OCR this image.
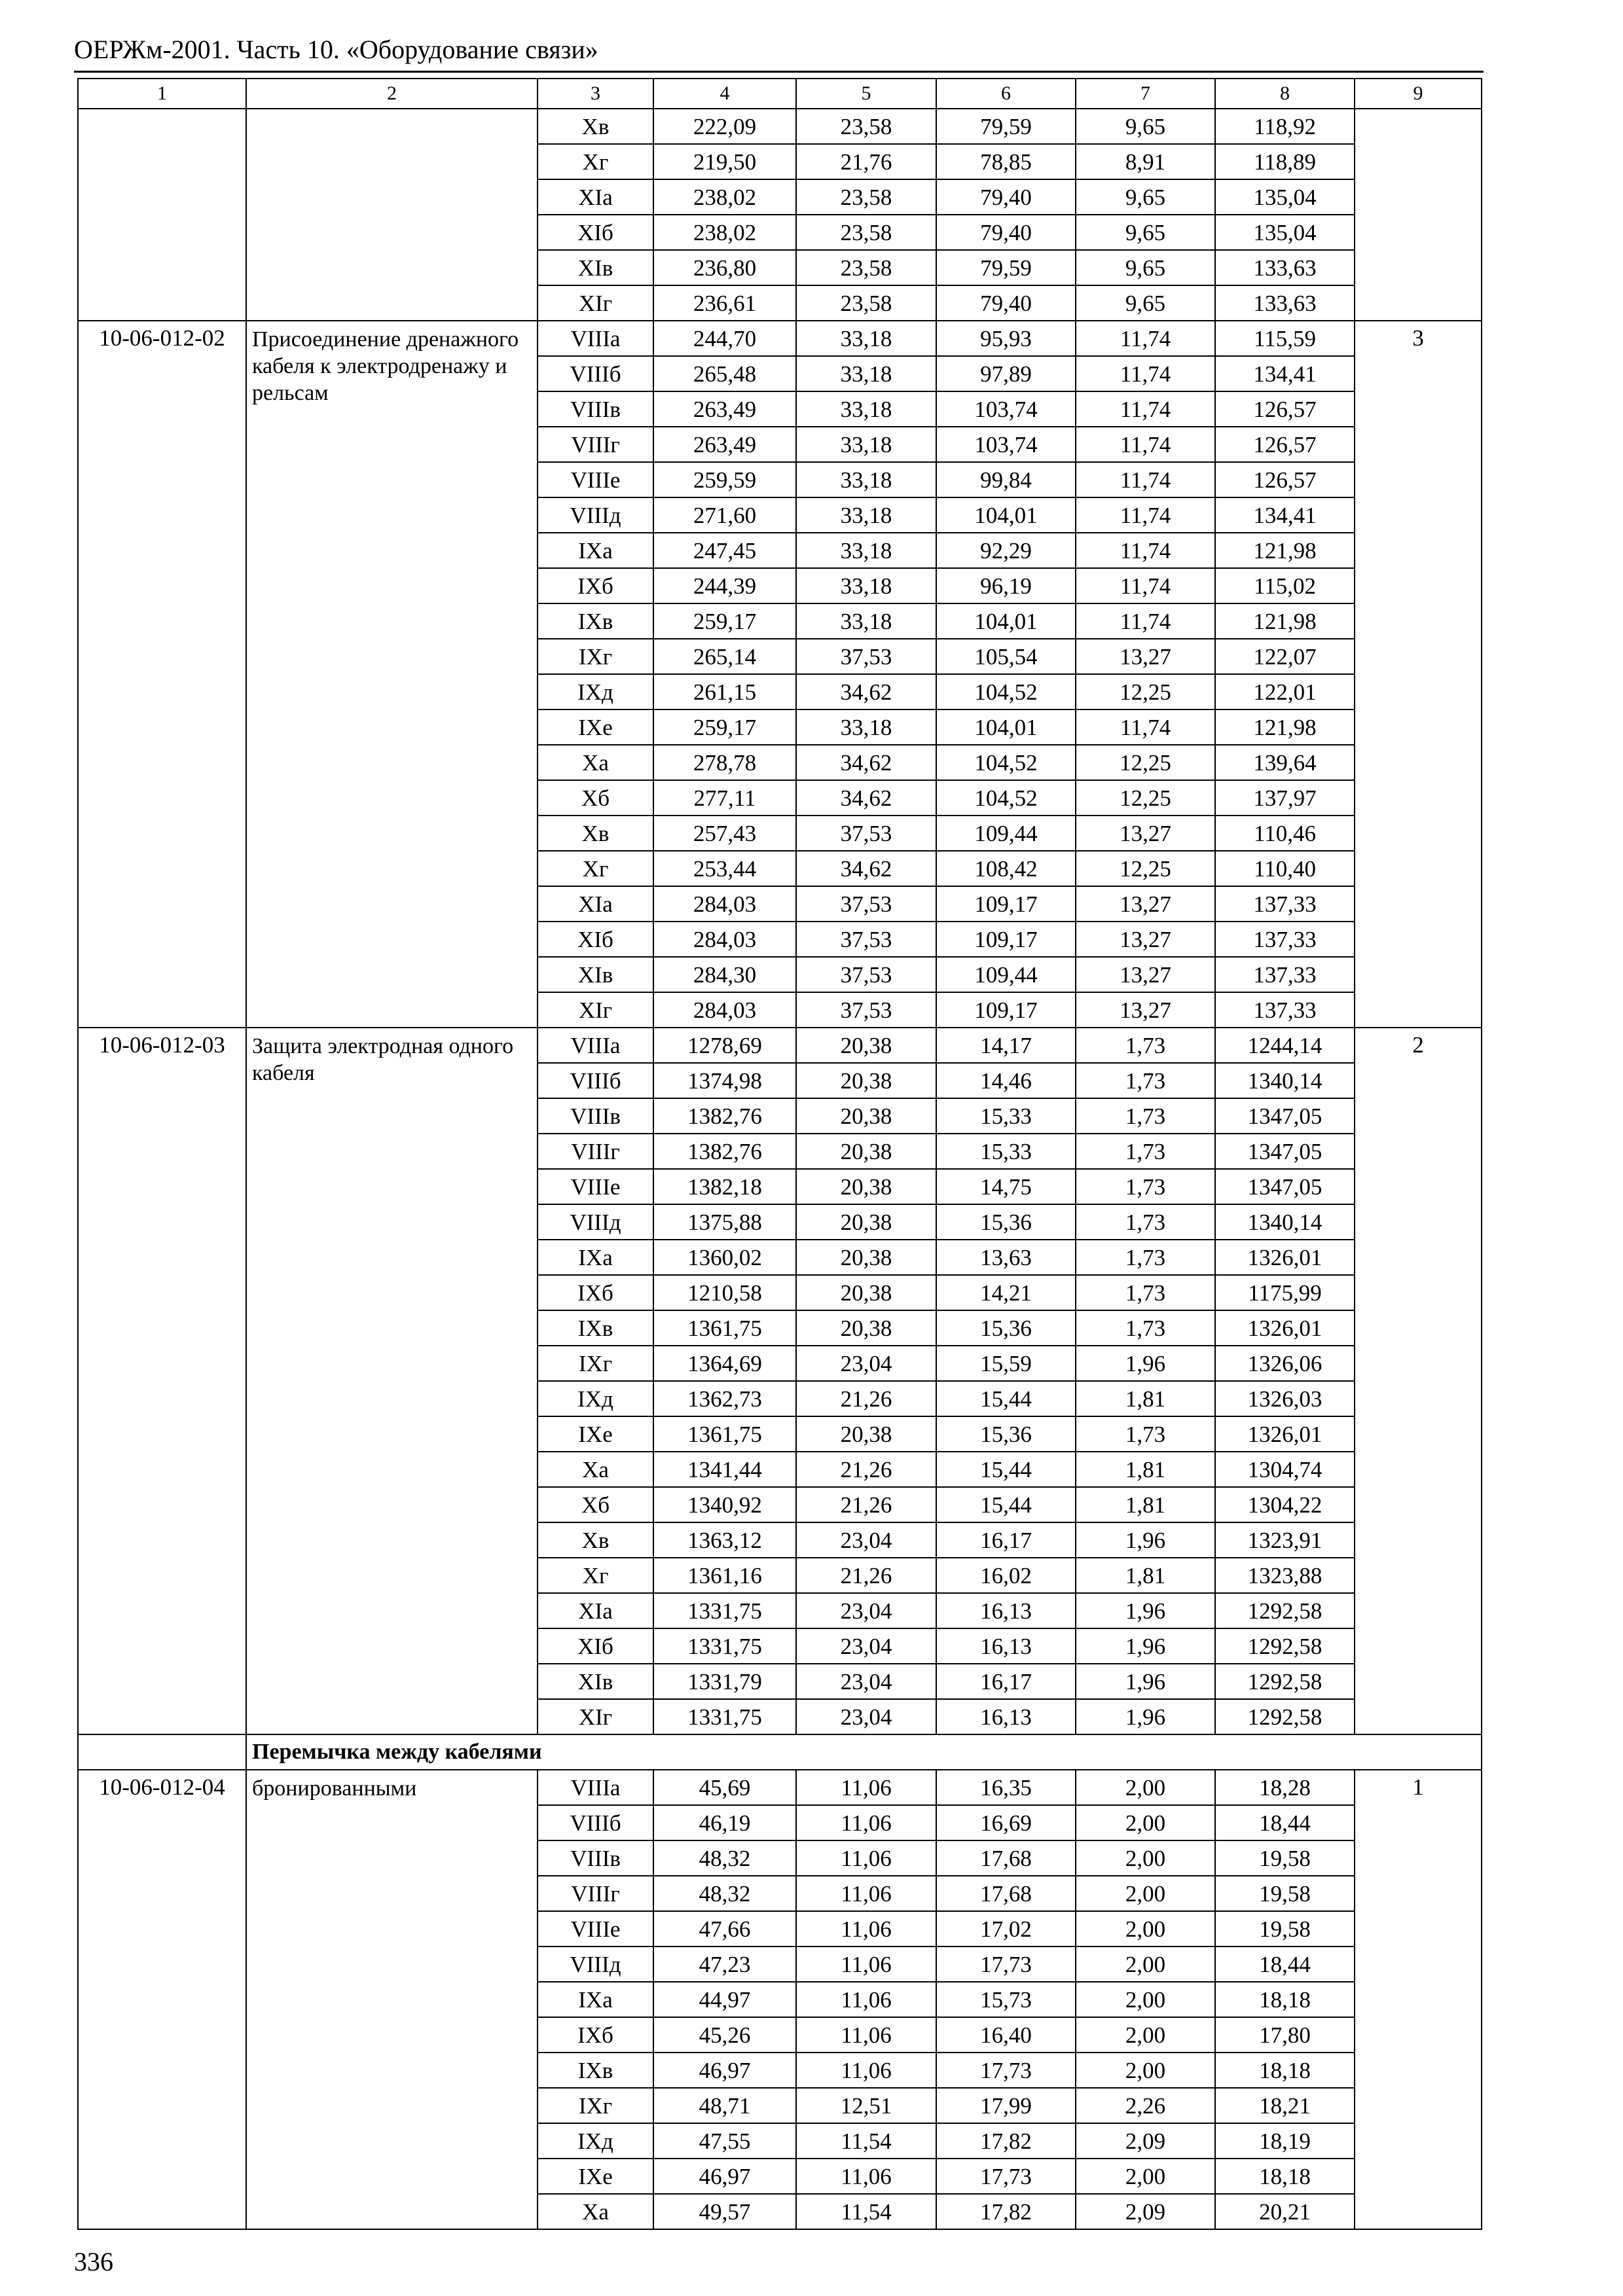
ОЕРЖм-2001. Часть 10. «Оборудование связи»
1	2	3	4	5	6	7	8	9
		Хв	222,09	23,58	79,59	9,65	118,92	
		Хг	219,50	21,76	78,85	8,91	118,89	
		ХIа	238,02	23,58	79,40	9,65	135,04	
		ХIб	238,02	23,58	79,40	9,65	135,04	
		ХIв	236,80	23,58	79,59	9,65	133,63	
		ХIг	236,61	23,58	79,40	9,65	133,63	
10-06-012-02	Присоединение дренажного кабеля к электродренажу и рельсам	VIIIа	244,70	33,18	95,93	11,74	115,59	3
		VIIIб	265,48	33,18	97,89	11,74	134,41	
		VIIIв	263,49	33,18	103,74	11,74	126,57	
		VIIIг	263,49	33,18	103,74	11,74	126,57	
		VIIIе	259,59	33,18	99,84	11,74	126,57	
		VIIIд	271,60	33,18	104,01	11,74	134,41	
		IХа	247,45	33,18	92,29	11,74	121,98	
		IХб	244,39	33,18	96,19	11,74	115,02	
		IХв	259,17	33,18	104,01	11,74	121,98	
		IХг	265,14	37,53	105,54	13,27	122,07	
		IХд	261,15	34,62	104,52	12,25	122,01	
		IХе	259,17	33,18	104,01	11,74	121,98	
		Ха	278,78	34,62	104,52	12,25	139,64	
		Хб	277,11	34,62	104,52	12,25	137,97	
		Хв	257,43	37,53	109,44	13,27	110,46	
		Хг	253,44	34,62	108,42	12,25	110,40	
		ХIа	284,03	37,53	109,17	13,27	137,33	
		ХIб	284,03	37,53	109,17	13,27	137,33	
		ХIв	284,30	37,53	109,44	13,27	137,33	
		ХIг	284,03	37,53	109,17	13,27	137,33	
10-06-012-03	Защита электродная одного кабеля	VIIIа	1278,69	20,38	14,17	1,73	1244,14	2
		VIIIб	1374,98	20,38	14,46	1,73	1340,14	
		VIIIв	1382,76	20,38	15,33	1,73	1347,05	
		VIIIг	1382,76	20,38	15,33	1,73	1347,05	
		VIIIе	1382,18	20,38	14,75	1,73	1347,05	
		VIIIд	1375,88	20,38	15,36	1,73	1340,14	
		IХа	1360,02	20,38	13,63	1,73	1326,01	
		IХб	1210,58	20,38	14,21	1,73	1175,99	
		IХв	1361,75	20,38	15,36	1,73	1326,01	
		IХг	1364,69	23,04	15,59	1,96	1326,06	
		IХд	1362,73	21,26	15,44	1,81	1326,03	
		IХе	1361,75	20,38	15,36	1,73	1326,01	
		Ха	1341,44	21,26	15,44	1,81	1304,74	
		Хб	1340,92	21,26	15,44	1,81	1304,22	
		Хв	1363,12	23,04	16,17	1,96	1323,91	
		Хг	1361,16	21,26	16,02	1,81	1323,88	
		ХIа	1331,75	23,04	16,13	1,96	1292,58	
		ХIб	1331,75	23,04	16,13	1,96	1292,58	
		ХIв	1331,79	23,04	16,17	1,96	1292,58	
		ХIг	1331,75	23,04	16,13	1,96	1292,58	
	Перемычка между кабелями							
10-06-012-04	бронированными	VIIIа	45,69	11,06	16,35	2,00	18,28	1
		VIIIб	46,19	11,06	16,69	2,00	18,44	
		VIIIв	48,32	11,06	17,68	2,00	19,58	
		VIIIг	48,32	11,06	17,68	2,00	19,58	
		VIIIе	47,66	11,06	17,02	2,00	19,58	
		VIIIд	47,23	11,06	17,73	2,00	18,44	
		IХа	44,97	11,06	15,73	2,00	18,18	
		IХб	45,26	11,06	16,40	2,00	17,80	
		IХв	46,97	11,06	17,73	2,00	18,18	
		IХг	48,71	12,51	17,99	2,26	18,21	
		IХд	47,55	11,54	17,82	2,09	18,19	
		IХе	46,97	11,06	17,73	2,00	18,18	
		Ха	49,57	11,54	17,82	2,09	20,21	
336
